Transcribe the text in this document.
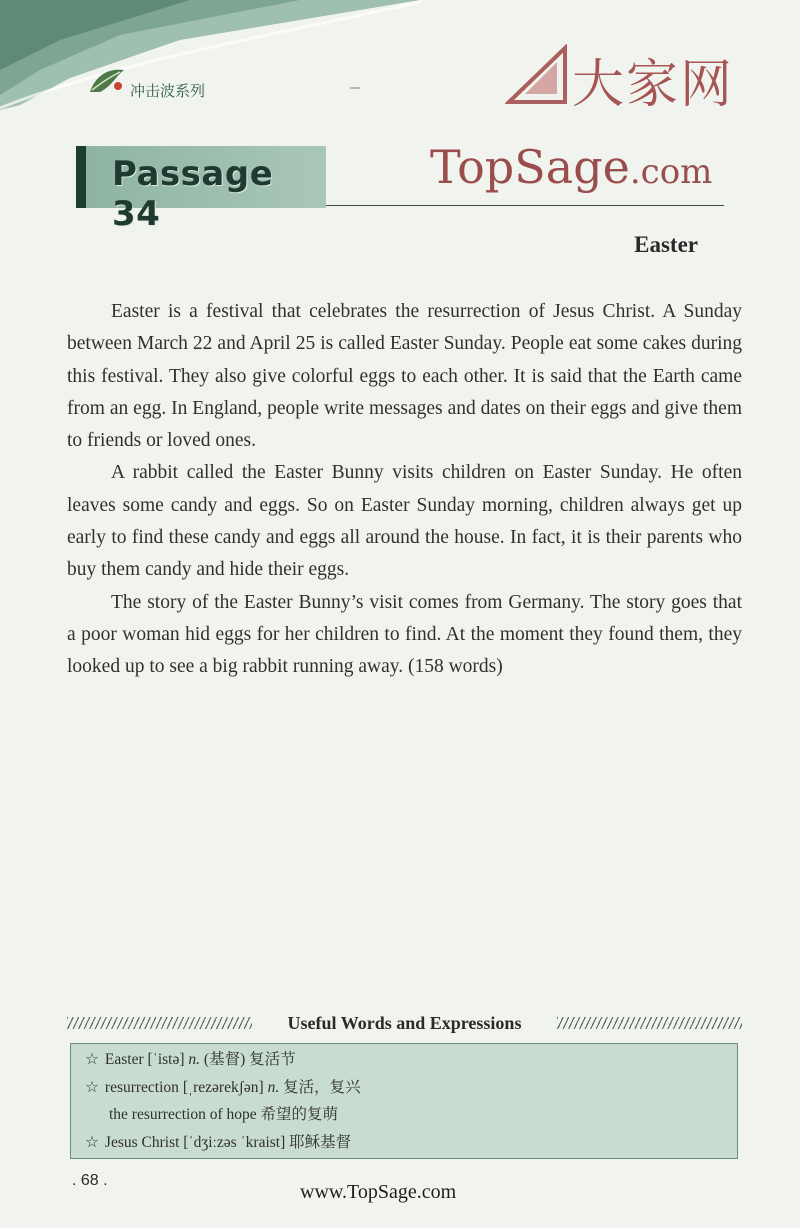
冲击波系列	大家网
TopSage.com
Passage 34
Easter

Easter is a festival that celebrates the resurrection of Jesus Christ. A Sunday between March 22 and April 25 is called Easter Sunday. People eat some cakes during this festival. They also give colorful eggs to each other. It is said that the Earth came from an egg. In England, people write messages and dates on their eggs and give them to friends or loved ones.

A rabbit called the Easter Bunny visits children on Easter Sunday. He often leaves some candy and eggs. So on Easter Sunday morning, children always get up early to find these candy and eggs all around the house. In fact, it is their parents who buy them candy and hide their eggs.

The story of the Easter Bunny’s visit comes from Germany. The story goes that a poor woman hid eggs for her children to find. At the moment they found them, they looked up to see a big rabbit running away. (158 words)

Useful Words and Expressions
☆ Easter [ˈistə] n. (基督) 复活节
☆ resurrection [ˌrezərekʃən] n. 复活，复兴
the resurrection of hope 希望的复萌
☆ Jesus Christ [ˈdʒiːzəs ˈkraist] 耶稣基督
. 68 .
www.TopSage.com
